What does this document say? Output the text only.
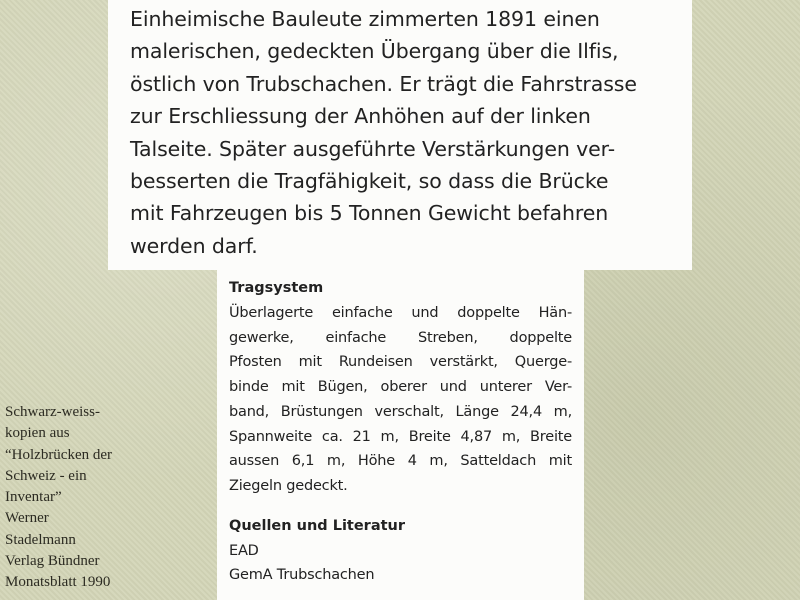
Einheimische Bauleute zimmerten 1891 einen
malerischen, gedeckten Übergang über die Ilfis,
östlich von Trubschachen. Er trägt die Fahrstrasse
zur Erschliessung der Anhöhen auf der linken
Talseite. Später ausgeführte Verstärkungen ver-
besserten die Tragfähigkeit, so dass die Brücke
mit Fahrzeugen bis 5 Tonnen Gewicht befahren
werden darf.
Tragsystem
Überlagerte einfache und doppelte Hän-
gewerke, einfache Streben, doppelte
Pfosten mit Rundeisen verstärkt, Querge-
binde mit Bügen, oberer und unterer Ver-
band, Brüstungen verschalt, Länge 24,4 m,
Spannweite ca. 21 m, Breite 4,87 m, Breite
aussen 6,1 m, Höhe 4 m, Satteldach mit
Ziegeln gedeckt.
Quellen und Literatur
EAD
GemA Trubschachen
Schwarz-weiss-
kopien aus
“Holzbrücken der
Schweiz - ein
Inventar”
Werner
Stadelmann
Verlag Bündner
Monatsblatt 1990
